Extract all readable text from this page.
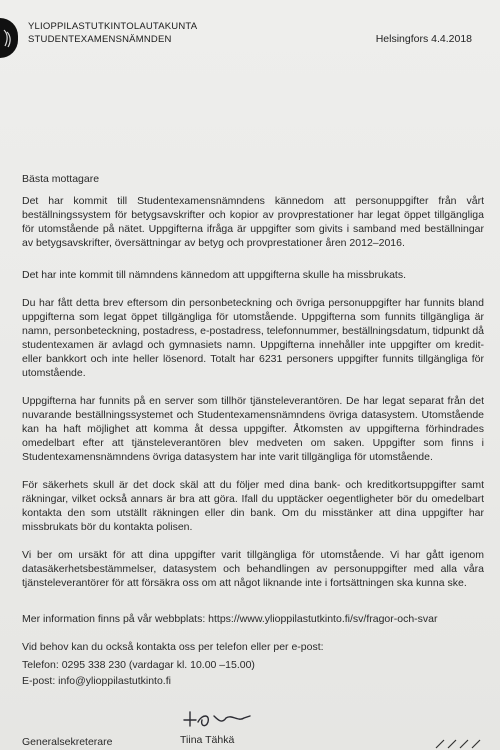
YLIOPPILASTUTKINTOLAUTAKUNTA
STUDENTEXAMENSNÄMNDEN	Helsingfors 4.4.2018

Bästa mottagare

Det har kommit till Studentexamensnämndens kännedom att personuppgifter från vårt beställningssystem för betygsavskrifter och kopior av provprestationer har legat öppet tillgängliga för utomstående på nätet. Uppgifterna ifråga är uppgifter som givits i samband med beställningar av betygsavskrifter, översättningar av betyg och provprestationer åren 2012–2016.

Det har inte kommit till nämndens kännedom att uppgifterna skulle ha missbrukats.

Du har fått detta brev eftersom din personbeteckning och övriga personuppgifter har funnits bland uppgifterna som legat öppet tillgängliga för utomstående. Uppgifterna som funnits tillgängliga är namn, personbeteckning, postadress, e-postadress, telefonnummer, beställningsdatum, tidpunkt då studentexamen är avlagd och gymnasiets namn. Uppgifterna innehåller inte uppgifter om kredit- eller bankkort och inte heller lösenord. Totalt har 6231 personers uppgifter funnits tillgängliga för utomstående.

Uppgifterna har funnits på en server som tillhör tjänsteleverantören. De har legat separat från det nuvarande beställningssystemet och Studentexamensnämndens övriga datasystem. Utomstående kan ha haft möjlighet att komma åt dessa uppgifter. Åtkomsten av uppgifterna förhindrades omedelbart efter att tjänsteleverantören blev medveten om saken. Uppgifter som finns i Studentexamensnämndens övriga datasystem har inte varit tillgängliga för utomstående.

För säkerhets skull är det dock skäl att du följer med dina bank- och kreditkortsuppgifter samt räkningar, vilket också annars är bra att göra. Ifall du upptäcker oegentligheter bör du omedelbart kontakta den som utställt räkningen eller din bank. Om du misstänker att dina uppgifter har missbrukats bör du kontakta polisen.

Vi ber om ursäkt för att dina uppgifter varit tillgängliga för utomstående. Vi har gått igenom datasäkerhetsbestämmelser, datasystem och behandlingen av personuppgifter med alla våra tjänsteleverantörer för att försäkra oss om att något liknande inte i fortsättningen ska kunna ske.

Mer information finns på vår webbplats: https://www.ylioppilastutkinto.fi/sv/fragor-och-svar

Vid behov kan du också kontakta oss per telefon eller per e-post:

Telefon: 0295 338 230 (vardagar kl. 10.00 –15.00)

E-post: info@ylioppilastutkinto.fi

Generalsekreterare	Tiina Tähkä
